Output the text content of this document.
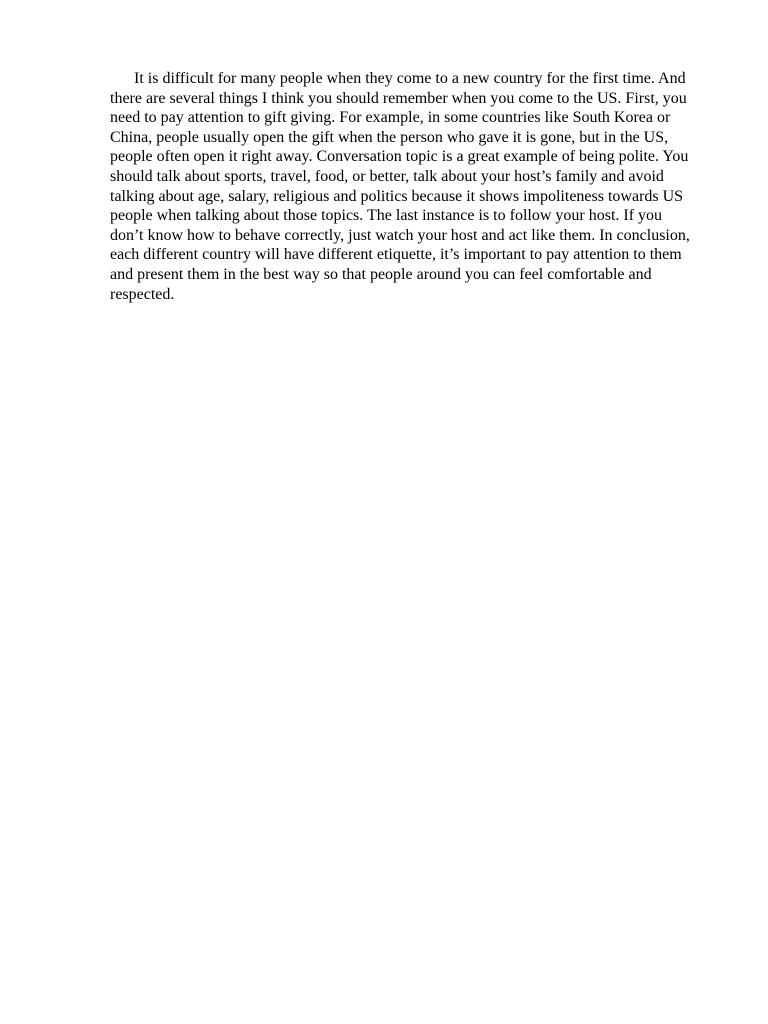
It is difficult for many people when they come to a new country for the first time. And there are several things I think you should remember when you come to the US. First, you need to pay attention to gift giving. For example, in some countries like South Korea or China, people usually open the gift when the person who gave it is gone, but in the US, people often open it right away. Conversation topic is a great example of being polite. You should talk about sports, travel, food, or better, talk about your host’s family and avoid talking about age, salary, religious and politics because it shows impoliteness towards US people when talking about those topics. The last instance is to follow your host. If you don’t know how to behave correctly, just watch your host and act like them. In conclusion, each different country will have different etiquette, it’s important to pay attention to them and present them in the best way so that people around you can feel comfortable and respected.
